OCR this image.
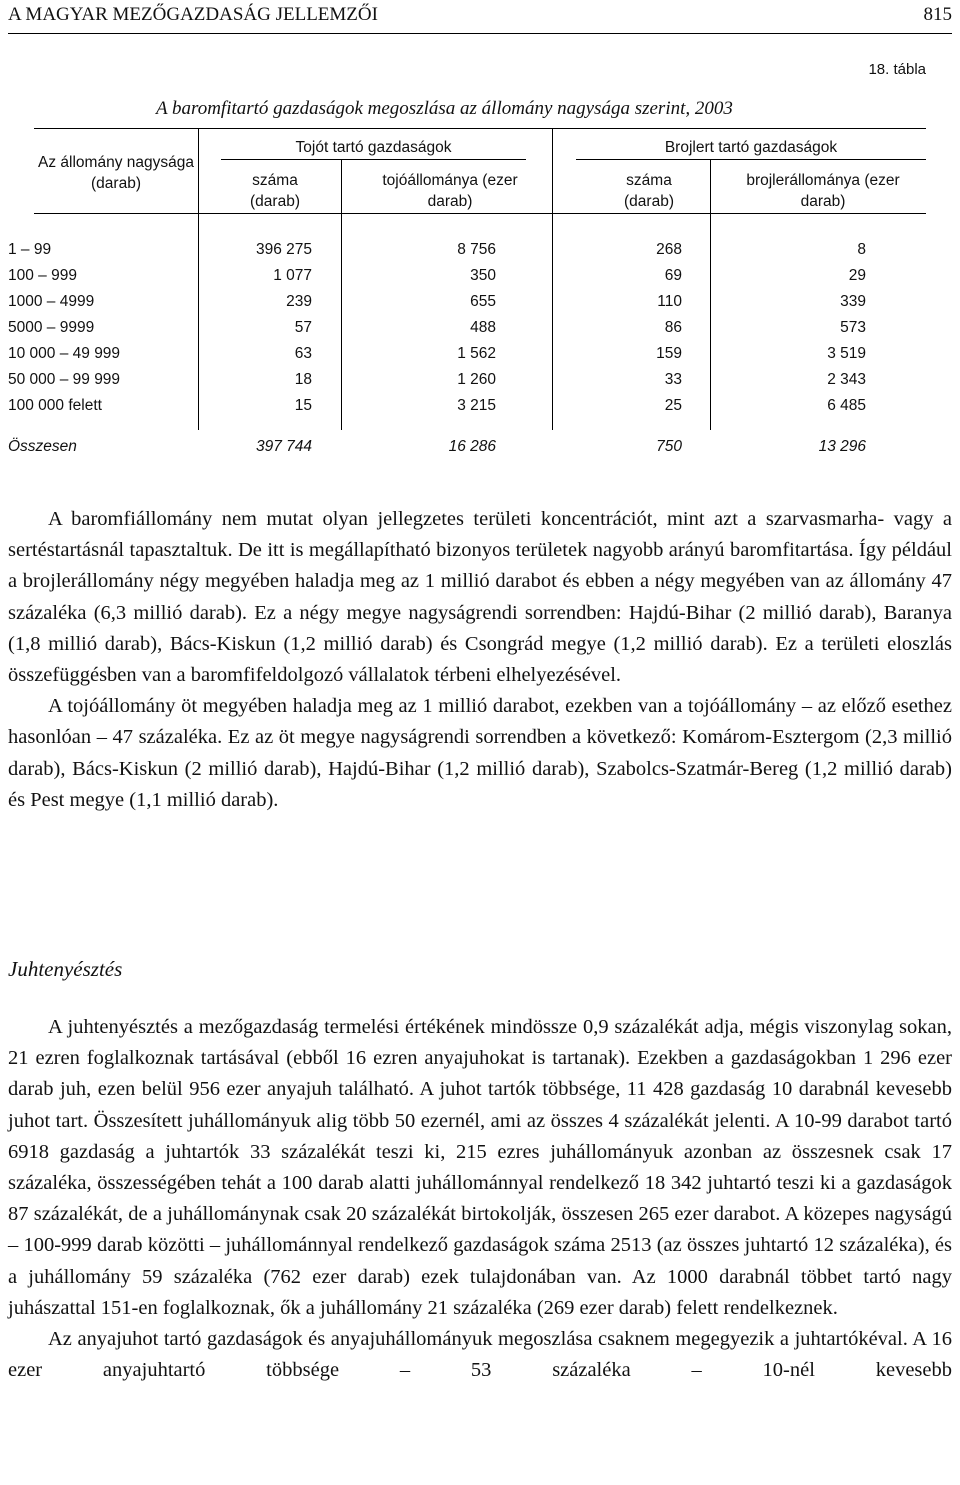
A MAGYAR MEZŐGAZDASÁG JELLEMZŐI	815
18. tábla
A baromfitartó gazdaságok megoszlása az állomány nagysága szerint, 2003
Az állomány nagysága (darab)
Tojót tartó gazdaságok	Brojlert tartó gazdaságok
száma (darab)
tojóállománya (ezer darab)
száma (darab)
brojlerállománya (ezer darab)
1 – 99	396 275	8 756	268	8
100 – 999	1 077	350	69	29
1000 – 4999	239	655	110	339
5000 – 9999	57	488	86	573
10 000 – 49 999	63	1 562	159	3 519
50 000 – 99 999	18	1 260	33	2 343
100 000 felett	15	3 215	25	6 485
Összesen	397 744	16 286	750	13 296

A baromfiállomány nem mutat olyan jellegzetes területi koncentrációt, mint azt a szarvasmarha- vagy a sertéstartásnál tapasztaltuk. De itt is megállapítható bizonyos területek nagyobb arányú baromfitartása. Így például a brojlerállomány négy megyében haladja meg az 1 millió darabot és ebben a négy megyében van az állomány 47 százaléka (6,3 millió darab). Ez a négy megye nagyságrendi sorrendben: Hajdú-Bihar (2 millió darab), Baranya (1,8 millió darab), Bács-Kiskun (1,2 millió darab) és Csongrád megye (1,2 millió darab). Ez a területi eloszlás összefüggésben van a baromfifeldolgozó vállalatok térbeni elhelyezésével.

A tojóállomány öt megyében haladja meg az 1 millió darabot, ezekben van a tojóállomány – az előző esethez hasonlóan – 47 százaléka. Ez az öt megye nagyságrendi sorrendben a következő: Komárom-Esztergom (2,3 millió darab), Bács-Kiskun (2 millió darab), Hajdú-Bihar (1,2 millió darab), Szabolcs-Szatmár-Bereg (1,2 millió darab) és Pest megye (1,1 millió darab).

Juhtenyésztés

A juhtenyésztés a mezőgazdaság termelési értékének mindössze 0,9 százalékát adja, mégis viszonylag sokan, 21 ezren foglalkoznak tartásával (ebből 16 ezren anyajuhokat is tartanak). Ezekben a gazdaságokban 1 296 ezer darab juh, ezen belül 956 ezer anyajuh található. A juhot tartók többsége, 11 428 gazdaság 10 darabnál kevesebb juhot tart. Összesített juhállományuk alig több 50 ezernél, ami az összes 4 százalékát jelenti. A 10-99 darabot tartó 6918 gazdaság a juhtartók 33 százalékát teszi ki, 215 ezres juhállományuk azonban az összesnek csak 17 százaléka, összességében tehát a 100 darab alatti juhállománnyal rendelkező 18 342 juhtartó teszi ki a gazdaságok 87 százalékát, de a juhállománynak csak 20 százalékát birtokolják, összesen 265 ezer darabot. A közepes nagyságú – 100-999 darab közötti – juhállománnyal rendelkező gazdaságok száma 2513 (az összes juhtartó 12 százaléka), és a juhállomány 59 százaléka (762 ezer darab) ezek tulajdonában van. Az 1000 darabnál többet tartó nagy juhászattal 151-en foglalkoznak, ők a juhállomány 21 százaléka (269 ezer darab) felett rendelkeznek.

Az anyajuhot tartó gazdaságok és anyajuhállományuk megoszlása csaknem megegyezik a juhtartókéval. A 16 ezer anyajuhtartó többsége – 53 százaléka – 10-nél kevesebb
